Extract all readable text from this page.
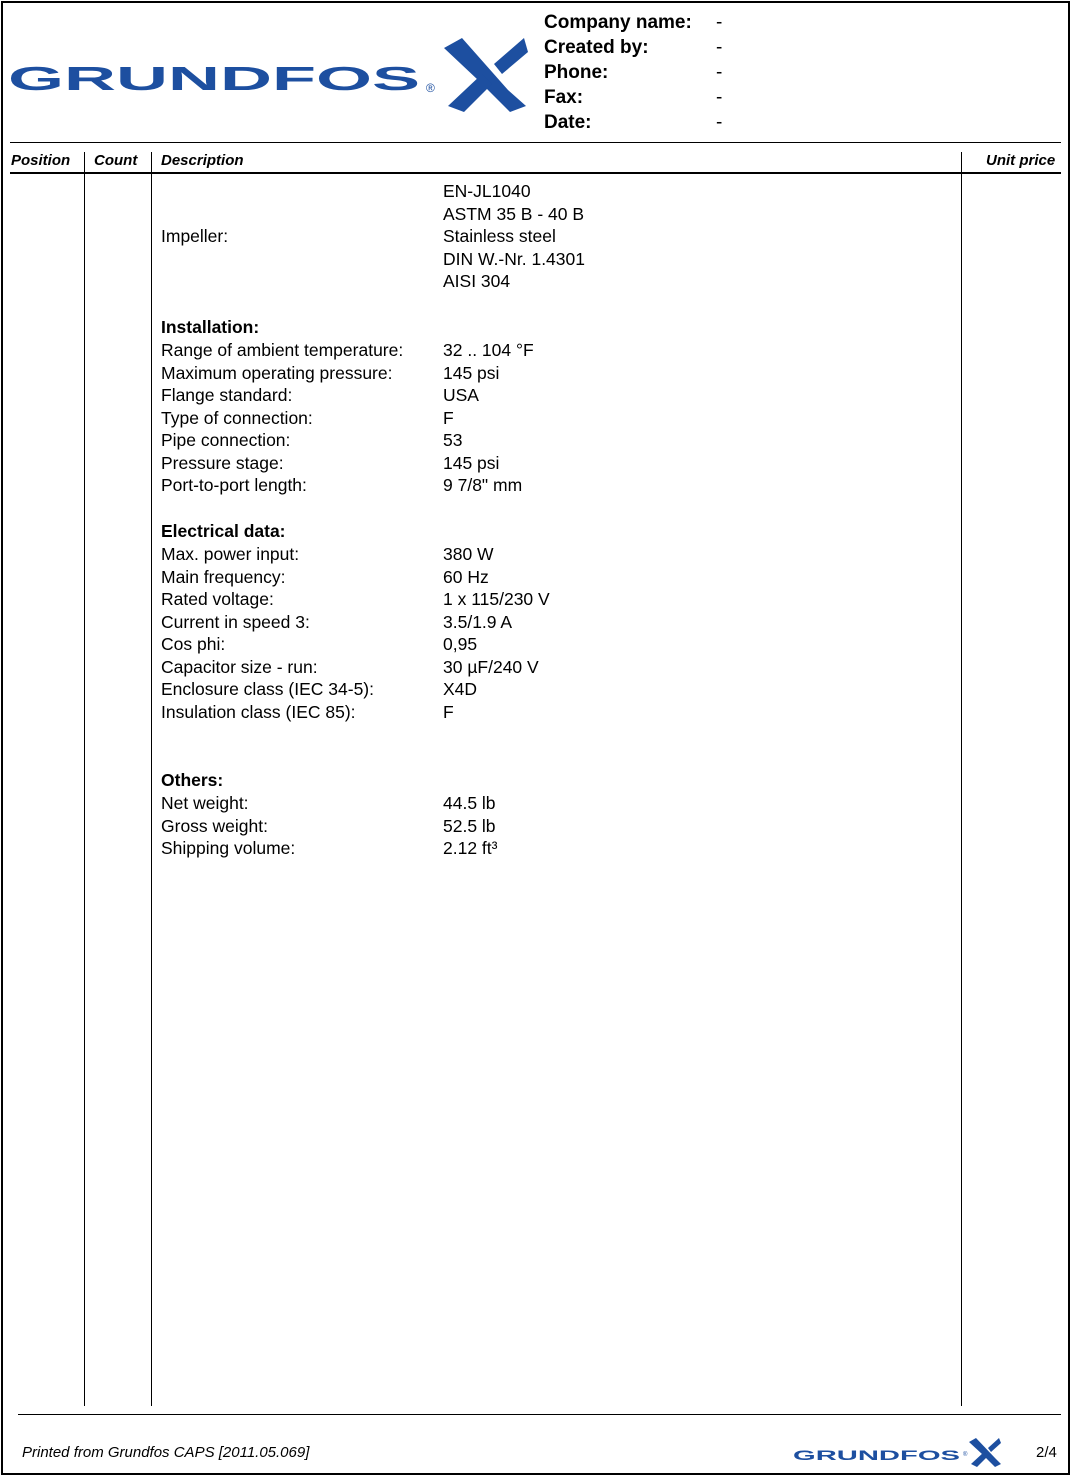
GRUNDFOS ®
Company name: -
Created by:	-
Phone:	-
Fax:	-
Date:	-
Position Count Description	Unit price
EN-JL1040
ASTM 35 B - 40 B
Impeller:	Stainless steel
DIN W.-Nr. 1.4301
AISI 304
Installation:
Range of ambient temperature: 32 .. 104 °F
Maximum operating pressure:	145 psi
Flange standard:	USA
Type of connection:	F
Pipe connection:	53
Pressure stage:	145 psi
Port-to-port length:	9 7/8" mm
Electrical data:
Max. power input:	380 W
Main frequency:	60 Hz
Rated voltage:	1 x 115/230 V
Current in speed 3:	3.5/1.9 A
Cos phi:	0,95
Capacitor size - run:	30 µF/240 V
Enclosure class (IEC 34-5):	X4D
Insulation class (IEC 85):	F
Others:
Net weight:	44.5 lb
Gross weight:	52.5 lb
Shipping volume:	2.12 ft³
Printed from Grundfos CAPS [2011.05.069]	GRUNDFOS ®	2/4
